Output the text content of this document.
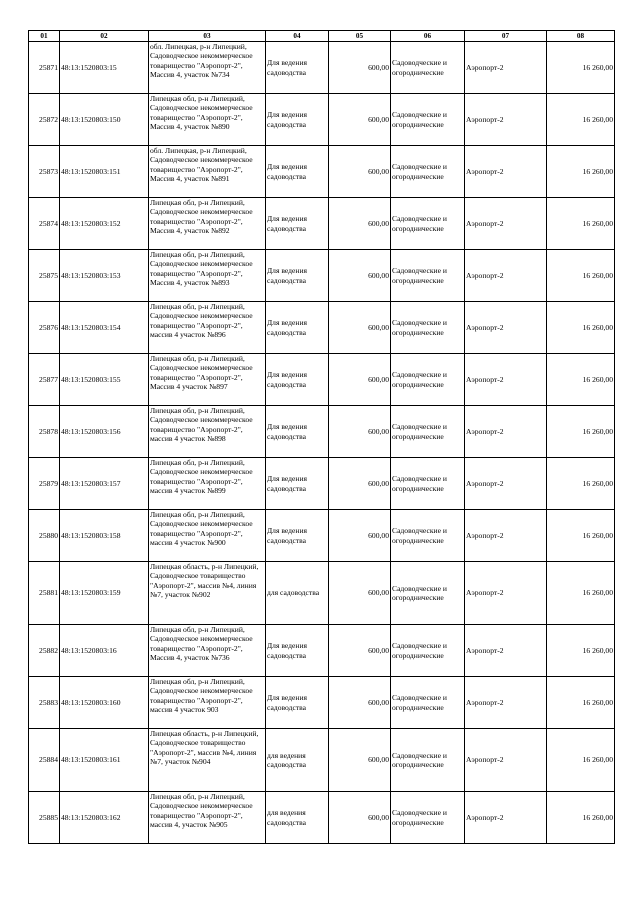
01	02	03	04	05	06	07	08
25871	48:13:1520803:15	обл. Липецкая, р-н Липецкий, Садоводческое некоммерческое товарищество "Аэропорт-2", Массив 4, участок №734	Для ведения садоводства	600,00	Садоводческие и огороднические	Аэропорт-2	16 260,00
25872	48:13:1520803:150	Липецкая обл, р-н Липецкий, Садоводческое некоммерческое товарищество "Аэропорт-2", Массив 4, участок №890	Для ведения садоводства	600,00	Садоводческие и огороднические	Аэропорт-2	16 260,00
25873	48:13:1520803:151	обл. Липецкая, р-н Липецкий, Садоводческое некоммерческое товарищество "Аэропорт-2", Массив 4, участок №891	Для ведения садоводства	600,00	Садоводческие и огороднические	Аэропорт-2	16 260,00
25874	48:13:1520803:152	Липецкая обл, р-н Липецкий, Садоводческое некоммерческое товарищество "Аэропорт-2", Массив 4, участок №892	Для ведения садоводства	600,00	Садоводческие и огороднические	Аэропорт-2	16 260,00
25875	48:13:1520803:153	Липецкая обл, р-н Липецкий, Садоводческое некоммерческое товарищество "Аэропорт-2", Массив 4, участок №893	Для ведения садоводства	600,00	Садоводческие и огороднические	Аэропорт-2	16 260,00
25876	48:13:1520803:154	Липецкая обл, р-н Липецкий, Садоводческое некоммерческое товарищество "Аэропорт-2", массив 4 участок №896	Для ведения садоводства	600,00	Садоводческие и огороднические	Аэропорт-2	16 260,00
25877	48:13:1520803:155	Липецкая обл, р-н Липецкий, Садоводческое некоммерческое товарищество "Аэропорт-2", Массив 4 участок №897	Для ведения садоводства	600,00	Садоводческие и огороднические	Аэропорт-2	16 260,00
25878	48:13:1520803:156	Липецкая обл, р-н Липецкий, Садоводческое некоммерческое товарищество "Аэропорт-2", массив 4 участок №898	Для ведения садоводства	600,00	Садоводческие и огороднические	Аэропорт-2	16 260,00
25879	48:13:1520803:157	Липецкая обл, р-н Липецкий, Садоводческое некоммерческое товарищество "Аэропорт-2", массив 4 участок №899	Для ведения садоводства	600,00	Садоводческие и огороднические	Аэропорт-2	16 260,00
25880	48:13:1520803:158	Липецкая обл, р-н Липецкий, Садоводческое некоммерческое товарищество "Аэропорт-2", массив 4 участок №900	Для ведения садоводства	600,00	Садоводческие и огороднические	Аэропорт-2	16 260,00
25881	48:13:1520803:159	Липецкая область, р-н Липецкий, Садоводческое товарищество "Аэропорт-2", массив №4, линия №7, участок №902	для садоводства	600,00	Садоводческие и огороднические	Аэропорт-2	16 260,00
25882	48:13:1520803:16	Липецкая обл, р-н Липецкий, Садоводческое некоммерческое товарищество "Аэропорт-2", Массив 4, участок №736	Для ведения садоводства	600,00	Садоводческие и огороднические	Аэропорт-2	16 260,00
25883	48:13:1520803:160	Липецкая обл, р-н Липецкий, Садоводческое некоммерческое товарищество "Аэропорт-2", массив 4 участок 903	Для ведения садоводства	600,00	Садоводческие и огороднические	Аэропорт-2	16 260,00
25884	48:13:1520803:161	Липецкая область, р-н Липецкий, Садоводческое товарищество "Аэропорт-2", массив №4, линия №7, участок №904	для ведения садоводства	600,00	Садоводческие и огороднические	Аэропорт-2	16 260,00
25885	48:13:1520803:162	Липецкая обл, р-н Липецкий, Садоводческое некоммерческое товарищество "Аэропорт-2", массив 4, участок №905	для ведения садоводства	600,00	Садоводческие и огороднические	Аэропорт-2	16 260,00
